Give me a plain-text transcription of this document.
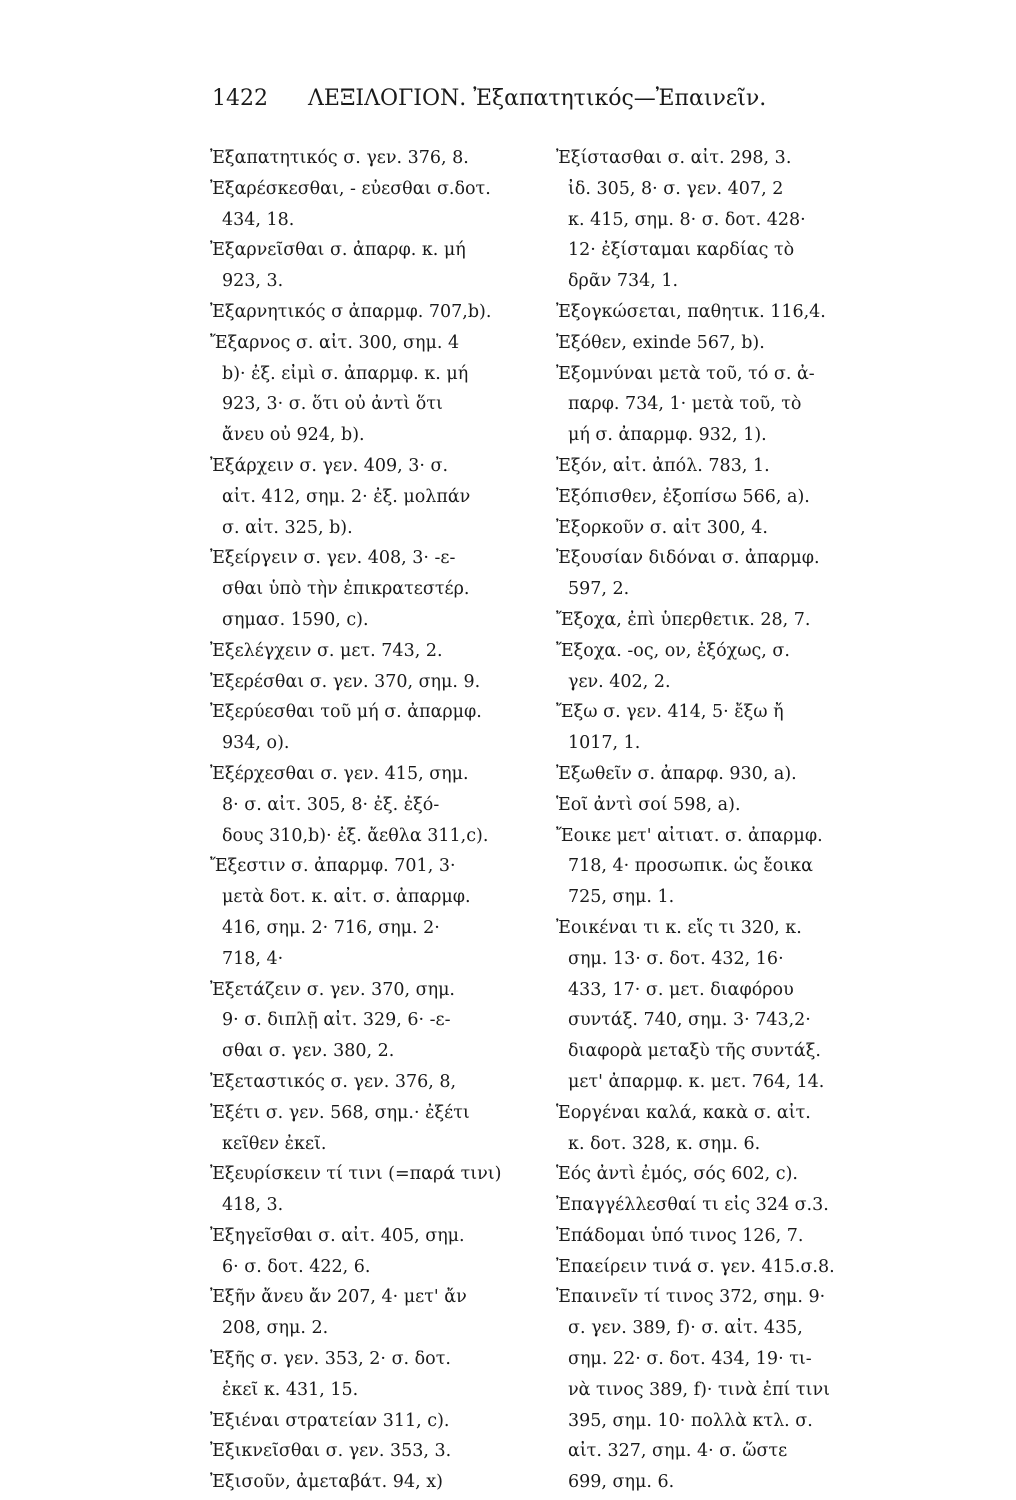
1422 ΛΕΞΙΛΟΓΙΟΝ. Ἐξαπατητικός—Ἐπαινεῖν.
Ἐξαπατητικός σ. γεν. 376, 8.
Ἐξαρέσκεσθαι, - εὐεσθαι σ.δοτ.
434, 18.
Ἐξαρνεῖσθαι σ. ἀπαρφ. κ. μή
923, 3.
Ἐξαρνητικός σ ἀπαρμφ. 707,b).
Ἔξαρνος σ. αἰτ. 300, σημ. 4
b)· ἐξ. εἰμὶ σ. ἀπαρμφ. κ. μή
923, 3· σ. ὅτι οὐ ἀντὶ ὅτι
ἄνευ οὐ 924, b).
Ἐξάρχειν σ. γεν. 409, 3· σ.
αἰτ. 412, σημ. 2· ἐξ. μολπάν
σ. αἰτ. 325, b).
Ἐξείργειν σ. γεν. 408, 3· -ε-
σθαι ὑπὸ τὴν ἐπικρατεστέρ.
σημασ. 1590, c).
Ἐξελέγχειν σ. μετ. 743, 2.
Ἐξερέσθαι σ. γεν. 370, σημ. 9.
Ἐξερύεσθαι τοῦ μή σ. ἀπαρμφ.
934, o).
Ἐξέρχεσθαι σ. γεν. 415, σημ.
8· σ. αἰτ. 305, 8· ἐξ. ἐξό-
δους 310,b)· ἐξ. ἄεθλα 311,c).
Ἔξεστιν σ. ἀπαρμφ. 701, 3·
μετὰ δοτ. κ. αἰτ. σ. ἀπαρμφ.
416, σημ. 2· 716, σημ. 2·
718, 4·
Ἐξετάζειν σ. γεν. 370, σημ.
9· σ. διπλῇ αἰτ. 329, 6· -ε-
σθαι σ. γεν. 380, 2.
Ἐξεταστικός σ. γεν. 376, 8,
Ἐξέτι σ. γεν. 568, σημ.· ἐξέτι
κεῖθεν ἐκεῖ.
Ἐξευρίσκειν τί τινι (=παρά τινι)
418, 3.
Ἐξηγεῖσθαι σ. αἰτ. 405, σημ.
6· σ. δοτ. 422, 6.
Ἐξῆν ἄνευ ἄν 207, 4· μετ' ἄν
208, σημ. 2.
Ἐξῆς σ. γεν. 353, 2· σ. δοτ.
ἐκεῖ κ. 431, 15.
Ἐξιέναι στρατείαν 311, c).
Ἐξικνεῖσθαι σ. γεν. 353, 3.
Ἐξισοῦν, ἀμεταβάτ. 94, x)
Ἐξίστασθαι σ. αἰτ. 298, 3.
ἰδ. 305, 8· σ. γεν. 407, 2
κ. 415, σημ. 8· σ. δοτ. 428·
12· ἐξίσταμαι καρδίας τὸ
δρᾶν 734, 1.
Ἐξογκώσεται, παθητικ. 116,4.
Ἐξόθεν, exinde 567, b).
Ἐξομνύναι μετὰ τοῦ, τό σ. ἀ-
παρφ. 734, 1· μετὰ τοῦ, τὸ
μή σ. ἀπαρμφ. 932, 1).
Ἐξόν, αἰτ. ἀπόλ. 783, 1.
Ἐξόπισθεν, ἐξοπίσω 566, a).
Ἐξορκοῦν σ. αἰτ 300, 4.
Ἐξουσίαν διδόναι σ. ἀπαρμφ.
597, 2.
Ἔξοχα, ἐπὶ ὑπερθετικ. 28, 7.
Ἔξοχα. -ος, ον, ἐξόχως, σ.
γεν. 402, 2.
Ἔξω σ. γεν. 414, 5· ἔξω ἤ
1017, 1.
Ἐξωθεῖν σ. ἀπαρφ. 930, a).
Ἑοῖ ἀντὶ σοί 598, a).
Ἔοικε μετ' αἰτιατ. σ. ἀπαρμφ.
718, 4· προσωπικ. ὡς ἔοικα
725, σημ. 1.
Ἐοικέναι τι κ. εἴς τι 320, κ.
σημ. 13· σ. δοτ. 432, 16·
433, 17· σ. μετ. διαφόρου
συντάξ. 740, σημ. 3· 743,2·
διαφορὰ μεταξὺ τῆς συντάξ.
μετ' ἀπαρμφ. κ. μετ. 764, 14.
Ἑοργέναι καλά, κακὰ σ. αἰτ.
κ. δοτ. 328, κ. σημ. 6.
Ἑός ἀντὶ ἐμός, σός 602, c).
Ἐπαγγέλλεσθαί τι εἰς 324 σ.3.
Ἐπάδομαι ὑπό τινος 126, 7.
Ἐπαείρειν τινά σ. γεν. 415.σ.8.
Ἐπαινεῖν τί τινος 372, σημ. 9·
σ. γεν. 389, f)· σ. αἰτ. 435,
σημ. 22· σ. δοτ. 434, 19· τι-
νὰ τινος 389, f)· τινὰ ἐπί τινι
395, σημ. 10· πολλὰ κτλ. σ.
αἰτ. 327, σημ. 4· σ. ὥστε
699, σημ. 6.
